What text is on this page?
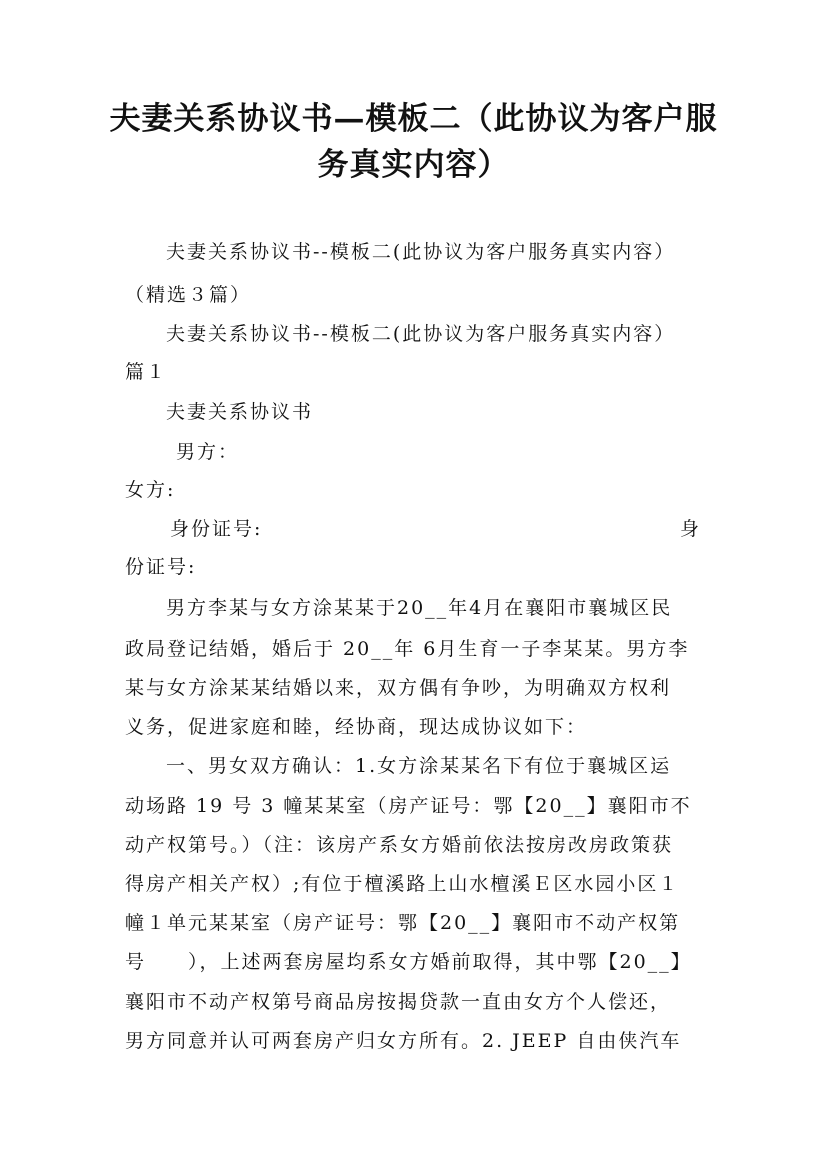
夫妻关系协议书—模板二（此协议为客户服
务真实内容）
夫妻关系协议书--模板二(此协议为客户服务真实内容）
（精选３篇）
夫妻关系协议书--模板二(此协议为客户服务真实内容）
篇１
夫妻关系协议书
男方：
女方:
身份证号:	身
份证号:
男方李某与女方涂某某于20__年4月在襄阳市襄城区民
政局登记结婚，婚后于 20__年 6月生育一子李某某。男方李
某与女方涂某某结婚以来，双方偶有争吵，为明确双方权利
义务，促进家庭和睦，经协商，现达成协议如下：
一、男女双方确认：1.女方涂某某名下有位于襄城区运
动场路 19 号 3 幢某某室（房产证号：鄂【20__】襄阳市不
动产权第号。）（注：该房产系女方婚前依法按房改房政策获
得房产相关产权）;有位于檀溪路上山水檀溪Ｅ区水园小区１
幢１单元某某室（房产证号：鄂【20__】襄阳市不动产权第
号　　），上述两套房屋均系女方婚前取得，其中鄂【20__】
襄阳市不动产权第号商品房按揭贷款一直由女方个人偿还，
男方同意并认可两套房产归女方所有。2. JEEP 自由侠汽车
